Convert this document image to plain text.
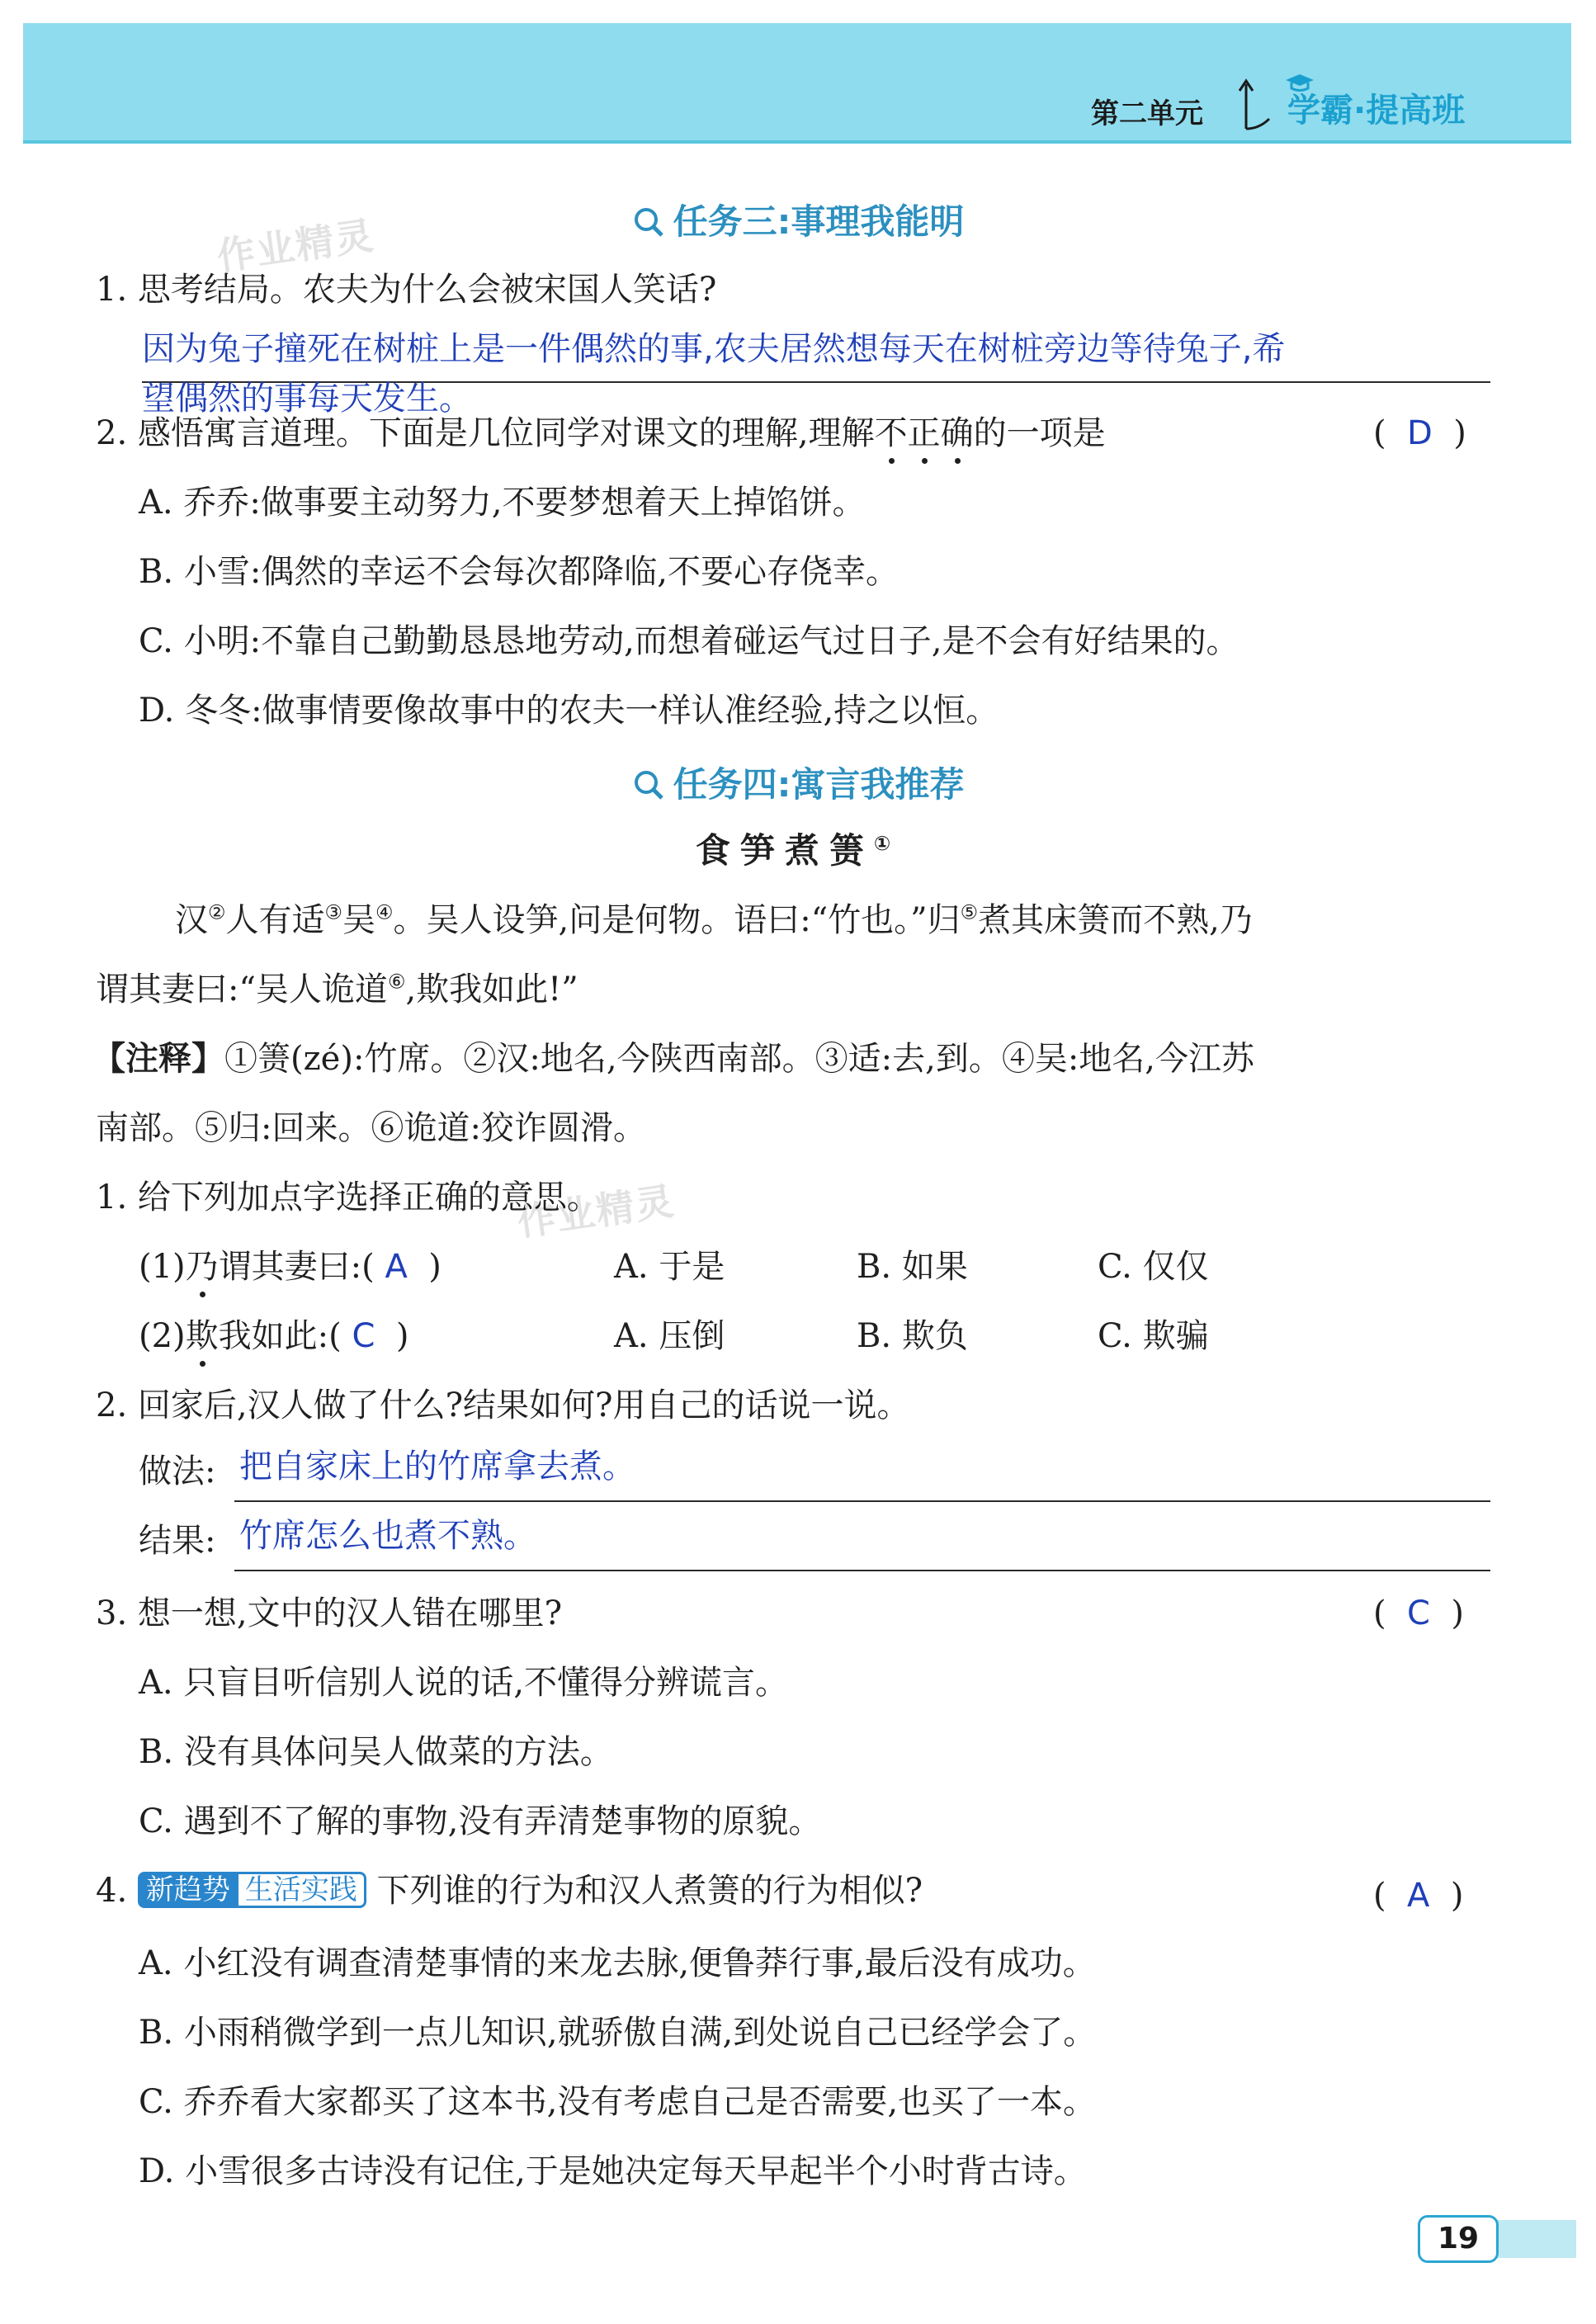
第二单元	学霸·提高班
作业精灵
作业精灵
任务三:事理我能明
1. 思考结局。农夫为什么会被宋国人笑话?
因为兔子撞死在树桩上是一件偶然的事,农夫居然想每天在树桩旁边等待兔子,希
望偶然的事每天发生。
2. 感悟寓言道理。下面是几位同学对课文的理解,理解不正确的一项是	(  D  )
A. 乔乔:做事要主动努力,不要梦想着天上掉馅饼。
B. 小雪:偶然的幸运不会每次都降临,不要心存侥幸。
C. 小明:不靠自己勤勤恳恳地劳动,而想着碰运气过日子,是不会有好结果的。
D. 冬冬:做事情要像故事中的农夫一样认准经验,持之以恒。
任务四:寓言我推荐
食笋煮箦①
汉②人有适③吴④。吴人设笋,问是何物。语曰:“竹也。”归⑤煮其床箦而不熟,乃
谓其妻曰:“吴人诡道⑥,欺我如此!”
【注释】①箦(zé):竹席。②汉:地名,今陕西南部。③适:去,到。④吴:地名,今江苏
南部。⑤归:回来。⑥诡道:狡诈圆滑。
1. 给下列加点字选择正确的意思。
(1)乃谓其妻曰:( A )	A. 于是	B. 如果	C. 仅仅
(2)欺我如此:( C )	A. 压倒	B. 欺负	C. 欺骗
2. 回家后,汉人做了什么?结果如何?用自己的话说一说。
做法: 把自家床上的竹席拿去煮。
结果: 竹席怎么也煮不熟。
3. 想一想,文中的汉人错在哪里?	(  C  )
A. 只盲目听信别人说的话,不懂得分辨谎言。
B. 没有具体问吴人做菜的方法。
C. 遇到不了解的事物,没有弄清楚事物的原貌。
4. 新趋势 生活实践 下列谁的行为和汉人煮箦的行为相似?	(  A  )
A. 小红没有调查清楚事情的来龙去脉,便鲁莽行事,最后没有成功。
B. 小雨稍微学到一点儿知识,就骄傲自满,到处说自己已经学会了。
C. 乔乔看大家都买了这本书,没有考虑自己是否需要,也买了一本。
D. 小雪很多古诗没有记住,于是她决定每天早起半个小时背古诗。
19
